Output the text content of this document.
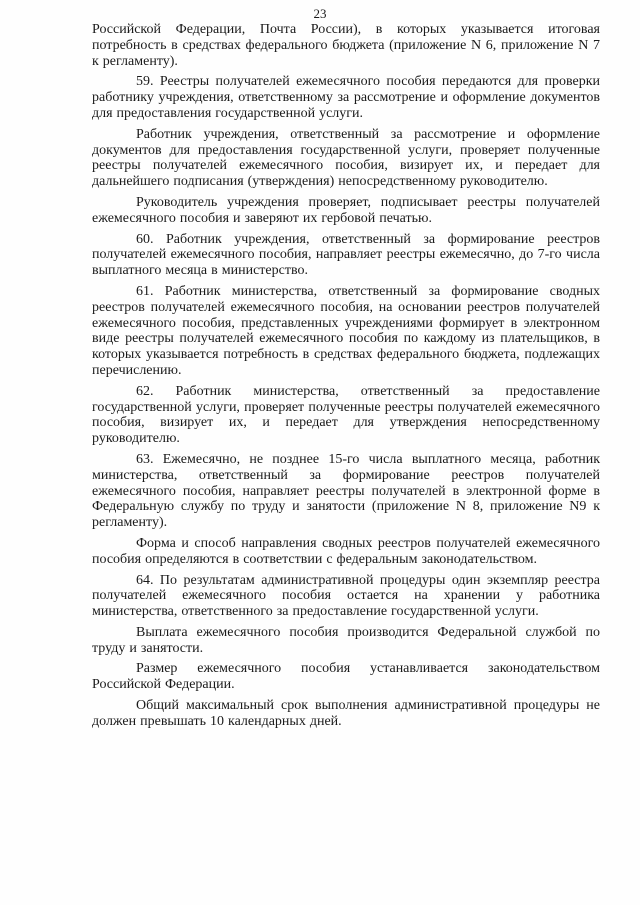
23

Российской Федерации, Почта России), в которых указывается итоговая потребность в средствах федерального бюджета (приложение N 6, приложение N 7 к регламенту).

59. Реестры получателей ежемесячного пособия передаются для проверки работнику учреждения, ответственному за рассмотрение и оформление документов для предоставления государственной услуги.

Работник учреждения, ответственный за рассмотрение и оформление документов для предоставления государственной услуги, проверяет полученные реестры получателей ежемесячного пособия, визирует их, и передает для дальнейшего подписания (утверждения) непосредственному руководителю.

Руководитель учреждения проверяет, подписывает реестры получателей ежемесячного пособия и заверяют их гербовой печатью.

60. Работник учреждения, ответственный за формирование реестров получателей ежемесячного пособия, направляет реестры ежемесячно, до 7-го числа выплатного месяца в министерство.

61. Работник министерства, ответственный за формирование сводных реестров получателей ежемесячного пособия, на основании реестров получателей ежемесячного пособия, представленных учреждениями формирует в электронном виде реестры получателей ежемесячного пособия по каждому из плательщиков, в которых указывается потребность в средствах федерального бюджета, подлежащих перечислению.

62. Работник министерства, ответственный за предоставление государственной услуги, проверяет полученные реестры получателей ежемесячного пособия, визирует их, и передает для утверждения непосредственному руководителю.

63. Ежемесячно, не позднее 15-го числа выплатного месяца, работник министерства, ответственный за формирование реестров получателей ежемесячного пособия, направляет реестры получателей в электронной форме в Федеральную службу по труду и занятости (приложение N 8, приложение N9 к регламенту).

Форма и способ направления сводных реестров получателей ежемесячного пособия определяются в соответствии с федеральным законодательством.

64. По результатам административной процедуры один экземпляр реестра получателей ежемесячного пособия остается на хранении у работника министерства, ответственного за предоставление государственной услуги.

Выплата ежемесячного пособия производится Федеральной службой по труду и занятости.

Размер ежемесячного пособия устанавливается законодательством Российской Федерации.

Общий максимальный срок выполнения административной процедуры не должен превышать 10 календарных дней.
